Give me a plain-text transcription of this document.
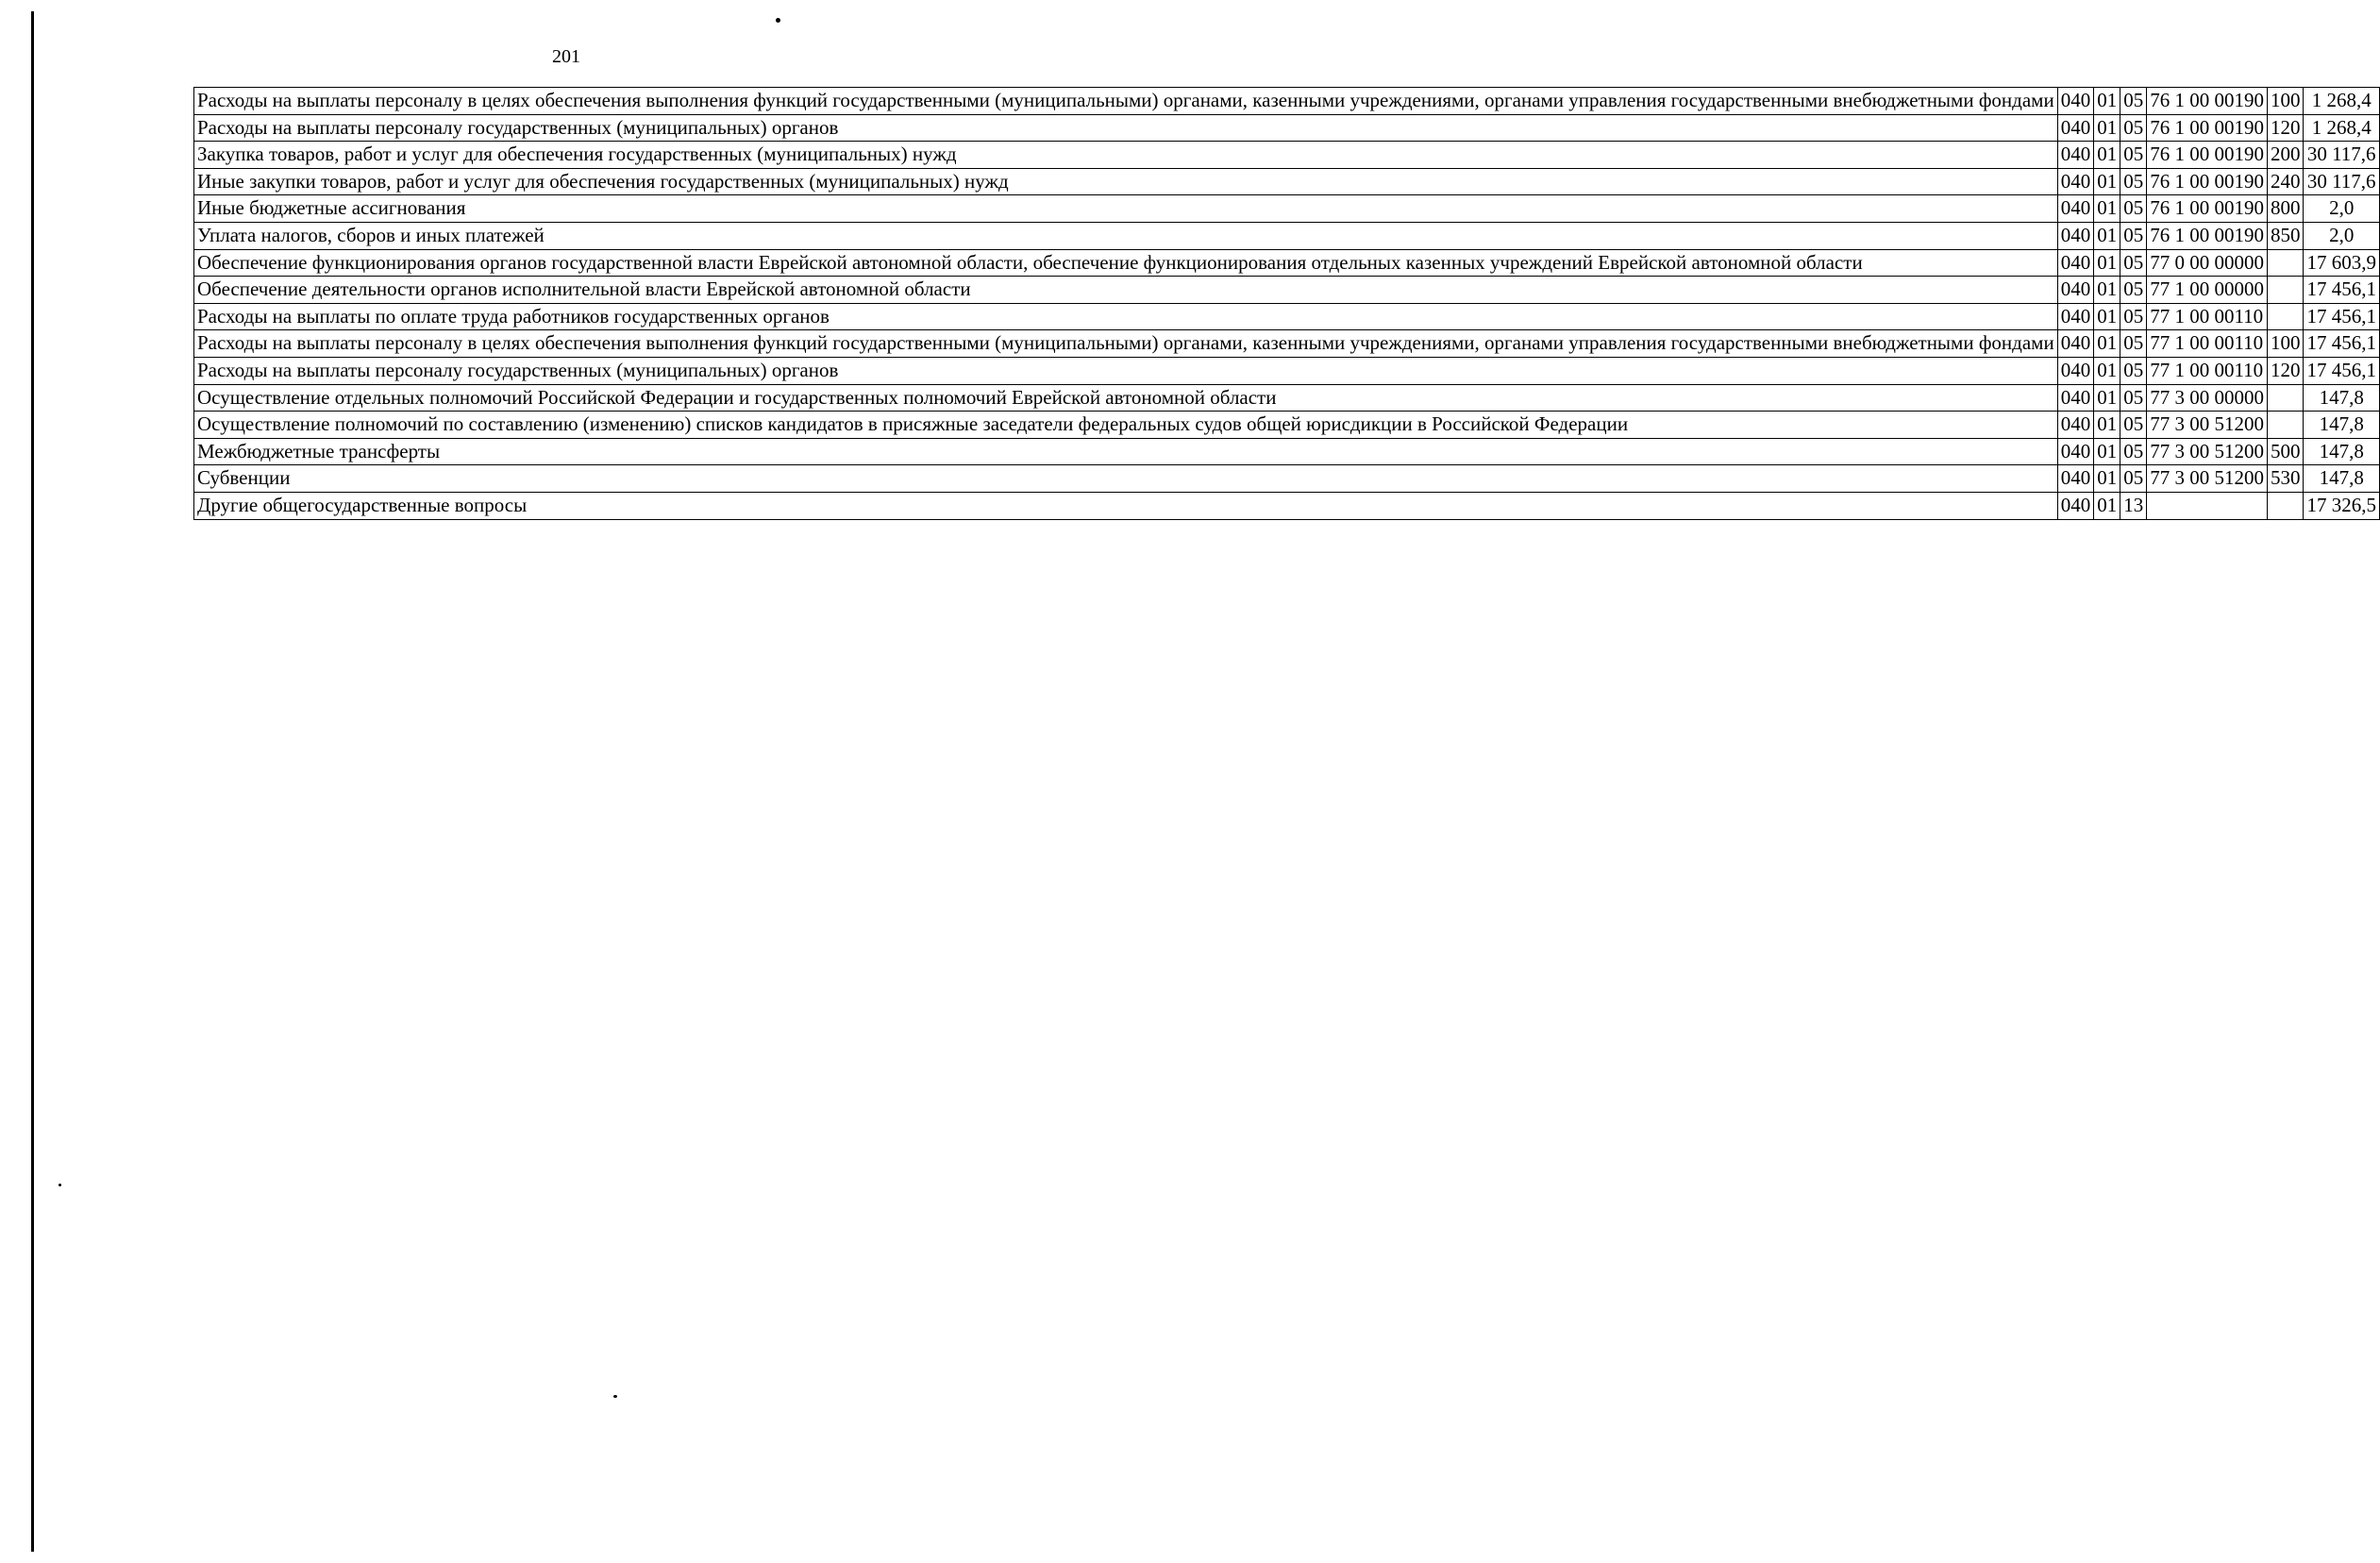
201
Расходы на выплаты персоналу в целях обеспечения выполнения функций государственными (муниципальными) органами, казенными учреждениями, органами управления государственными внебюджетными фондами	040	01	05	76 1 00 00190	100	1 268,4
Расходы на выплаты персоналу государственных (муниципальных) органов	040	01	05	76 1 00 00190	120	1 268,4
Закупка товаров, работ и услуг для обеспечения государственных (муниципальных) нужд	040	01	05	76 1 00 00190	200	30 117,6
Иные закупки товаров, работ и услуг для обеспечения государственных (муниципальных) нужд	040	01	05	76 1 00 00190	240	30 117,6
Иные бюджетные ассигнования	040	01	05	76 1 00 00190	800	2,0
Уплата налогов, сборов и иных платежей	040	01	05	76 1 00 00190	850	2,0
Обеспечение функционирования органов государственной власти Еврейской автономной области, обеспечение функционирования отдельных казенных учреждений Еврейской автономной области	040	01	05	77 0 00 00000		17 603,9
Обеспечение деятельности органов исполнительной власти Еврейской автономной области	040	01	05	77 1 00 00000		17 456,1
Расходы на выплаты по оплате труда работников государственных органов	040	01	05	77 1 00 00110		17 456,1
Расходы на выплаты персоналу в целях обеспечения выполнения функций государственными (муниципальными) органами, казенными учреждениями, органами управления государственными внебюджетными фондами	040	01	05	77 1 00 00110	100	17 456,1
Расходы на выплаты персоналу государственных (муниципальных) органов	040	01	05	77 1 00 00110	120	17 456,1
Осуществление отдельных полномочий Российской Федерации и государственных полномочий Еврейской автономной области	040	01	05	77 3 00 00000		147,8
Осуществление полномочий по составлению (изменению) списков кандидатов в присяжные заседатели федеральных судов общей юрисдикции в Российской Федерации	040	01	05	77 3 00 51200		147,8
Межбюджетные трансферты	040	01	05	77 3 00 51200	500	147,8
Субвенции	040	01	05	77 3 00 51200	530	147,8
Другие общегосударственные вопросы	040	01	13			17 326,5
